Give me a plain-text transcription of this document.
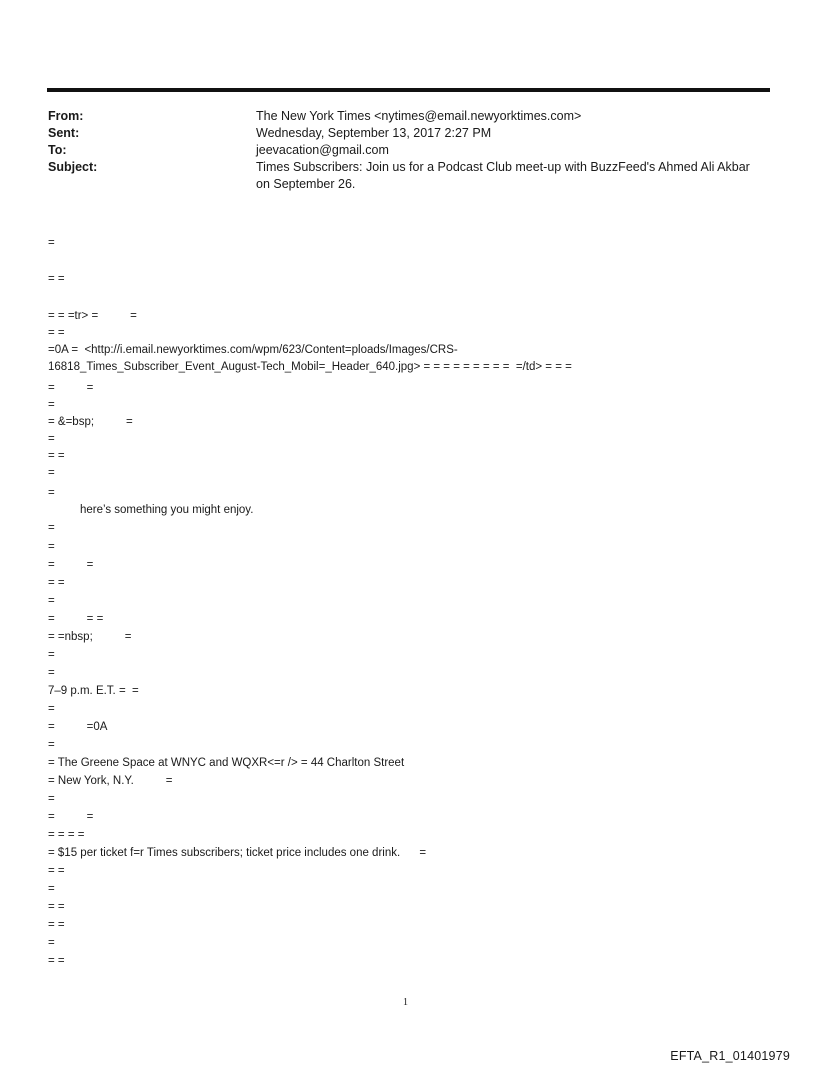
From:	The New York Times <nytimes@email.newyorktimes.com>
Sent:	Wednesday, September 13, 2017 2:27 PM
To:	jeevacation@gmail.com
Subject:	Times Subscribers: Join us for a Podcast Club meet-up with BuzzFeed's Ahmed Ali Akbar on September 26.
=
= =
= = =tr> =          =
= =
=0A =  <http://i.email.newyorktimes.com/wpm/623/Content=ploads/Images/CRS-
16818_Times_Subscriber_Event_August-Tech_Mobil=_Header_640.jpg> = = = = = = = = =  =/td> = = =
=          =
=
= &=bsp;          =
=
= =
=
=
here’s something you might enjoy.
=
=
=          =
= =
=
=          = =
= =nbsp;          =
=
=
7–9 p.m. E.T. =  =
=
=          =0A
=
= The Greene Space at WNYC and WQXR<=r /> = 44 Charlton Street
= New York, N.Y.          =
=
=          =
= = = =
= $15 per ticket f=r Times subscribers; ticket price includes one drink.      =
= =
=
= =
= =
=
= =
1
EFTA_R1_01401979
